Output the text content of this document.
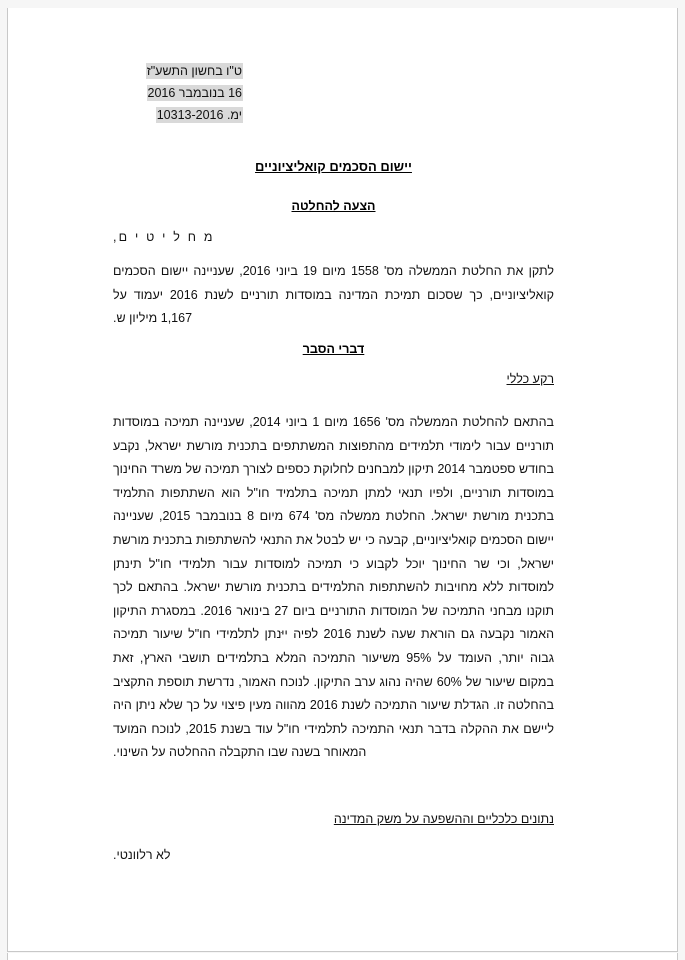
ט"ו בחשון התשע"ז
16 בנובמבר 2016
ימ. 10313-2016
יישום הסכמים קואליציוניים
הצעה להחלטה
מ ח ל י ט י ם,
לתקן את החלטת הממשלה מס' 1558 מיום 19 ביוני 2016, שעניינה יישום הסכמים קואליציוניים, כך שסכום תמיכת המדינה במוסדות תורניים לשנת 2016 יעמוד על 1,167 מיליון ש.
דברי הסבר
רקע כללי
בהתאם להחלטת הממשלה מס' 1656 מיום 1 ביוני 2014, שעניינה תמיכה במוסדות תורניים עבור לימודי תלמידים מהתפוצות המשתתפים בתכנית מורשת ישראל, נקבע בחודש ספטמבר 2014 תיקון למבחנים לחלוקת כספים לצורך תמיכה של משרד החינוך במוסדות תורניים, ולפיו תנאי למתן תמיכה בתלמיד חו"ל הוא השתתפות התלמיד בתכנית מורשת ישראל. החלטת ממשלה מס' 674 מיום 8 בנובמבר 2015, שעניינה יישום הסכמים קואליציוניים, קבעה כי יש לבטל את התנאי להשתתפות בתכנית מורשת ישראל, וכי שר החינוך יוכל לקבוע כי תמיכה למוסדות עבור תלמידי חו"ל תינתן למוסדות ללא מחויבות להשתתפות התלמידים בתכנית מורשת ישראל. בהתאם לכך תוקנו מבחני התמיכה של המוסדות התורניים ביום 27 בינואר 2016. במסגרת התיקון האמור נקבעה גם הוראת שעה לשנת 2016 לפיה ייּנתן לתלמידי חו"ל שיעור תמיכה גבוה יותר, העומד על 95% משיעור התמיכה המלא בתלמידים תושבי הארץ, זאת במקום שיעור של 60% שהיה נהוג ערב התיקון. לנוכח האמור, נדרשת תוספת התקציב בהחלטה זו. הגדלת שיעור התמיכה לשנת 2016 מהווה מעין פיצוי על כך שלא ניתן היה ליישם את ההקלה בדבר תנאי התמיכה לתלמידי חו"ל עוד בשנת 2015, לנוכח המועד המאוחר בשנה שבו התקבלה ההחלטה על השינוי.
נתונים כלכליים וההשפעה על משק המדינה
לא רלוונטי.
